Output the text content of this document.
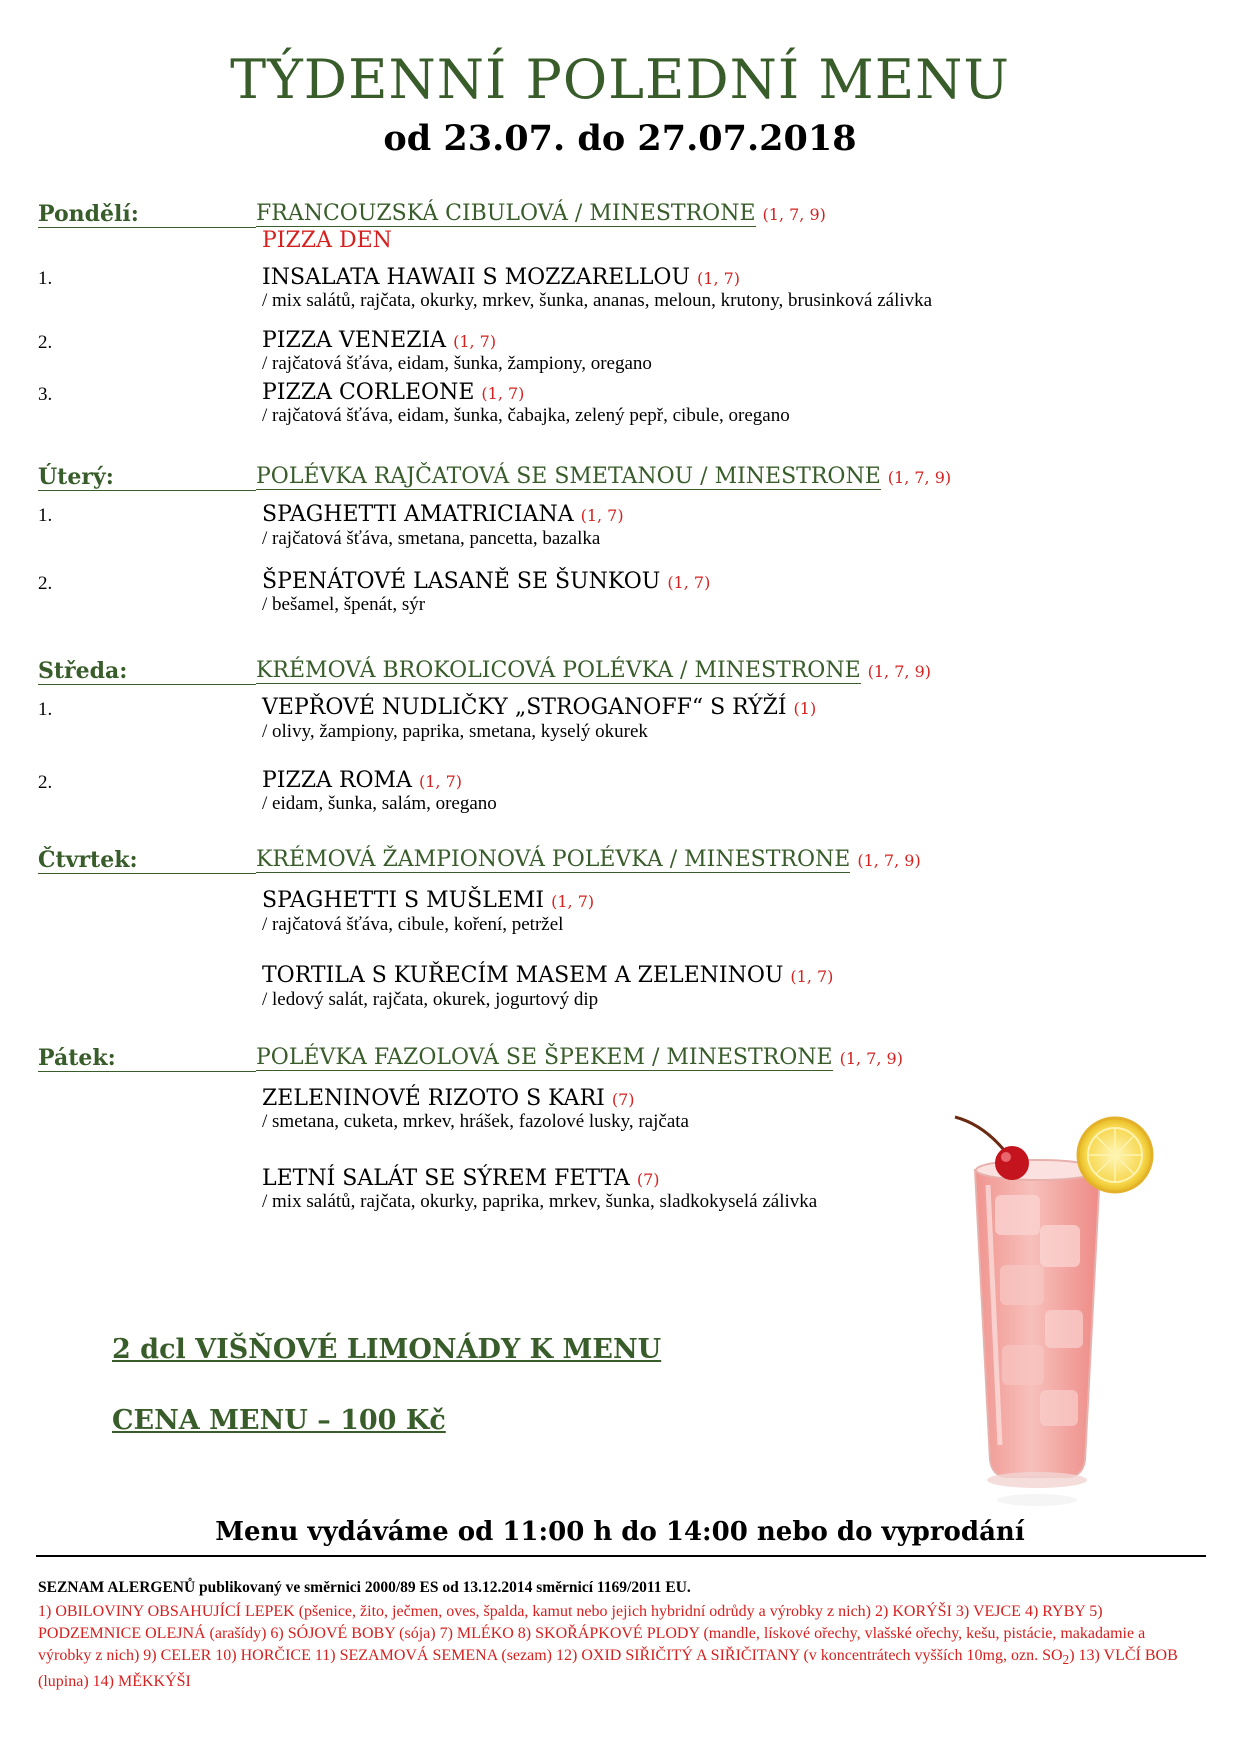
TÝDENNÍ POLEDNÍ MENU
od 23.07. do 27.07.2018
Pondělí:	FRANCOUZSKÁ CIBULOVÁ / MINESTRONE (1, 7, 9)
PIZZA DEN
1.	INSALATA HAWAII S MOZZARELLOU (1, 7)
/ mix salátů, rajčata, okurky, mrkev, šunka, ananas, meloun, krutony, brusinková zálivka
2.	PIZZA VENEZIA (1, 7)
/ rajčatová šťáva, eidam, šunka, žampiony, oregano
3.	PIZZA CORLEONE (1, 7)
/ rajčatová šťáva, eidam, šunka, čabajka, zelený pepř, cibule, oregano
Úterý:	POLÉVKA RAJČATOVÁ SE SMETANOU / MINESTRONE (1, 7, 9)
1.	SPAGHETTI AMATRICIANA (1, 7)
/ rajčatová šťáva, smetana, pancetta, bazalka
2.	ŠPENÁTOVÉ LASANĚ SE ŠUNKOU (1, 7)
/ bešamel, špenát, sýr
Středa:	KRÉMOVÁ BROKOLICOVÁ POLÉVKA / MINESTRONE (1, 7, 9)
1.	VEPŘOVÉ NUDLIČKY „STROGANOFF“ S RÝŽÍ (1)
/ olivy, žampiony, paprika, smetana, kyselý okurek
2.	PIZZA ROMA (1, 7)
/ eidam, šunka, salám, oregano
Čtvrtek:	KRÉMOVÁ ŽAMPIONOVÁ POLÉVKA / MINESTRONE (1, 7, 9)
SPAGHETTI S MUŠLEMI (1, 7)
/ rajčatová šťáva, cibule, koření, petržel
TORTILA S KUŘECÍM MASEM A ZELENINOU (1, 7)
/ ledový salát, rajčata, okurek, jogurtový dip
Pátek:	POLÉVKA FAZOLOVÁ SE ŠPEKEM / MINESTRONE (1, 7, 9)
ZELENINOVÉ RIZOTO S KARI (7)
/ smetana, cuketa, mrkev, hrášek, fazolové lusky, rajčata
LETNÍ SALÁT SE SÝREM FETTA (7)
/ mix salátů, rajčata, okurky, paprika, mrkev, šunka, sladkokyselá zálivka
2 dcl VIŠŇOVÉ LIMONÁDY K MENU
CENA MENU – 100 Kč
Menu vydáváme od 11:00 h do 14:00 nebo do vyprodání
SEZNAM ALERGENŮ publikovaný ve směrnici 2000/89 ES od 13.12.2014 směrnicí 1169/2011 EU.
1) OBILOVINY OBSAHUJÍCÍ LEPEK (pšenice, žito, ječmen, oves, špalda, kamut nebo jejich hybridní odrůdy a výrobky z nich) 2) KORÝŠI 3) VEJCE 4) RYBY 5) PODZEMNICE OLEJNÁ (arašídy) 6) SÓJOVÉ BOBY (sója) 7) MLÉKO 8) SKOŘÁPKOVÉ PLODY (mandle, lískové ořechy, vlašské ořechy, kešu, pistácie, makadamie a výrobky z nich) 9) CELER 10) HORČICE 11) SEZAMOVÁ SEMENA (sezam) 12) OXID SIŘIČITÝ A SIŘIČITANY (v koncentrátech vyšších 10mg, ozn. $SO_2$) 13) VLČÍ BOB (lupina) 14) MĚKKÝŠI
